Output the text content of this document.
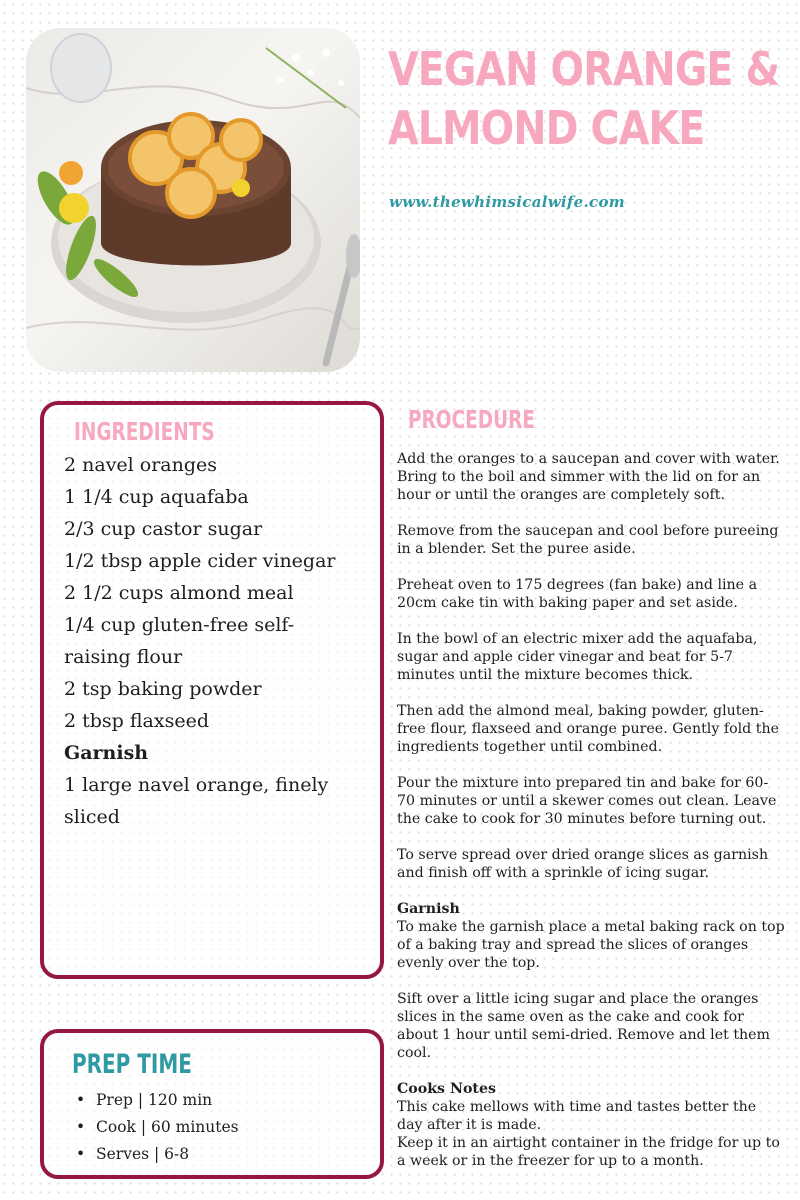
VEGAN ORANGE &
ALMOND CAKE
www.thewhimsicalwife.com
INGREDIENTS
2 navel oranges
1 1/4 cup aquafaba
2/3 cup castor sugar
1/2 tbsp apple cider vinegar
2 1/2 cups almond meal
1/4 cup gluten-free self-
raising flour
2 tsp baking powder
2 tbsp flaxseed
Garnish
1 large navel orange, finely
sliced
PROCEDURE

Add the oranges to a saucepan and cover with water. Bring to the boil and simmer with the lid on for an hour or until the oranges are completely soft.

Remove from the saucepan and cool before pureeing in a blender. Set the puree aside.

Preheat oven to 175 degrees (fan bake) and line a 20cm cake tin with baking paper and set aside.

In the bowl of an electric mixer add the aquafaba, sugar and apple cider vinegar and beat for 5-7 minutes until the mixture becomes thick.

Then add the almond meal, baking powder, gluten-free flour, flaxseed and orange puree. Gently fold the ingredients together until combined.

Pour the mixture into prepared tin and bake for 60-70 minutes or until a skewer comes out clean. Leave the cake to cook for 30 minutes before turning out.

To serve spread over dried orange slices as garnish and finish off with a sprinkle of icing sugar.

Garnish
To make the garnish place a metal baking rack on top of a baking tray and spread the slices of oranges evenly over the top.

Sift over a little icing sugar and place the oranges slices in the same oven as the cake and cook for about 1 hour until semi-dried. Remove and let them cool.

Cooks Notes
This cake mellows with time and tastes better the day after it is made.
Keep it in an airtight container in the fridge for up to a week or in the freezer for up to a month.

PREP TIME
• Prep | 120 min
• Cook | 60 minutes
• Serves | 6-8
